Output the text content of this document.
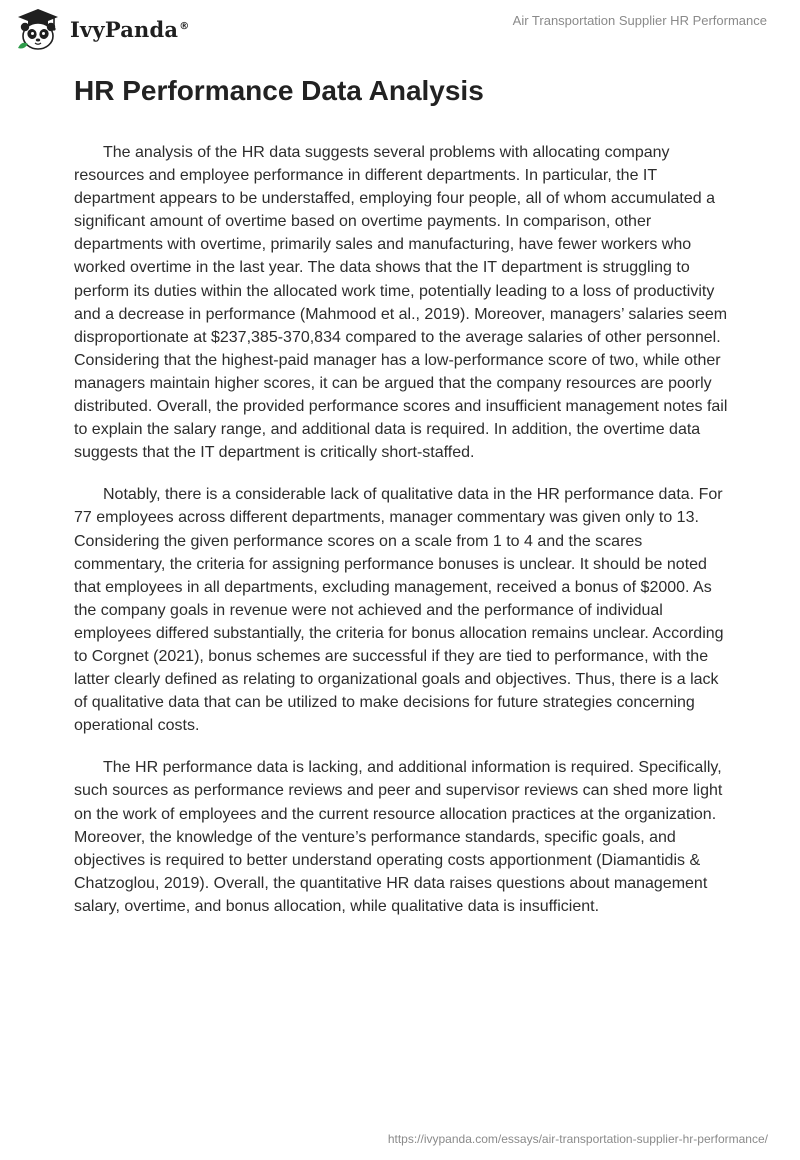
IvyPanda®	Air Transportation Supplier HR Performance
HR Performance Data Analysis

The analysis of the HR data suggests several problems with allocating company resources and employee performance in different departments. In particular, the IT department appears to be understaffed, employing four people, all of whom accumulated a significant amount of overtime based on overtime payments. In comparison, other departments with overtime, primarily sales and manufacturing, have fewer workers who worked overtime in the last year. The data shows that the IT department is struggling to perform its duties within the allocated work time, potentially leading to a loss of productivity and a decrease in performance (Mahmood et al., 2019). Moreover, managers’ salaries seem disproportionate at $237,385-370,834 compared to the average salaries of other personnel. Considering that the highest-paid manager has a low-performance score of two, while other managers maintain higher scores, it can be argued that the company resources are poorly distributed. Overall, the provided performance scores and insufficient management notes fail to explain the salary range, and additional data is required. In addition, the overtime data suggests that the IT department is critically short-staffed.

Notably, there is a considerable lack of qualitative data in the HR performance data. For 77 employees across different departments, manager commentary was given only to 13. Considering the given performance scores on a scale from 1 to 4 and the scares commentary, the criteria for assigning performance bonuses is unclear. It should be noted that employees in all departments, excluding management, received a bonus of $2000. As the company goals in revenue were not achieved and the performance of individual employees differed substantially, the criteria for bonus allocation remains unclear. According to Corgnet (2021), bonus schemes are successful if they are tied to performance, with the latter clearly defined as relating to organizational goals and objectives. Thus, there is a lack of qualitative data that can be utilized to make decisions for future strategies concerning operational costs.

The HR performance data is lacking, and additional information is required. Specifically, such sources as performance reviews and peer and supervisor reviews can shed more light on the work of employees and the current resource allocation practices at the organization. Moreover, the knowledge of the venture’s performance standards, specific goals, and objectives is required to better understand operating costs apportionment (Diamantidis & Chatzoglou, 2019). Overall, the quantitative HR data raises questions about management salary, overtime, and bonus allocation, while qualitative data is insufficient.

https://ivypanda.com/essays/air-transportation-supplier-hr-performance/
